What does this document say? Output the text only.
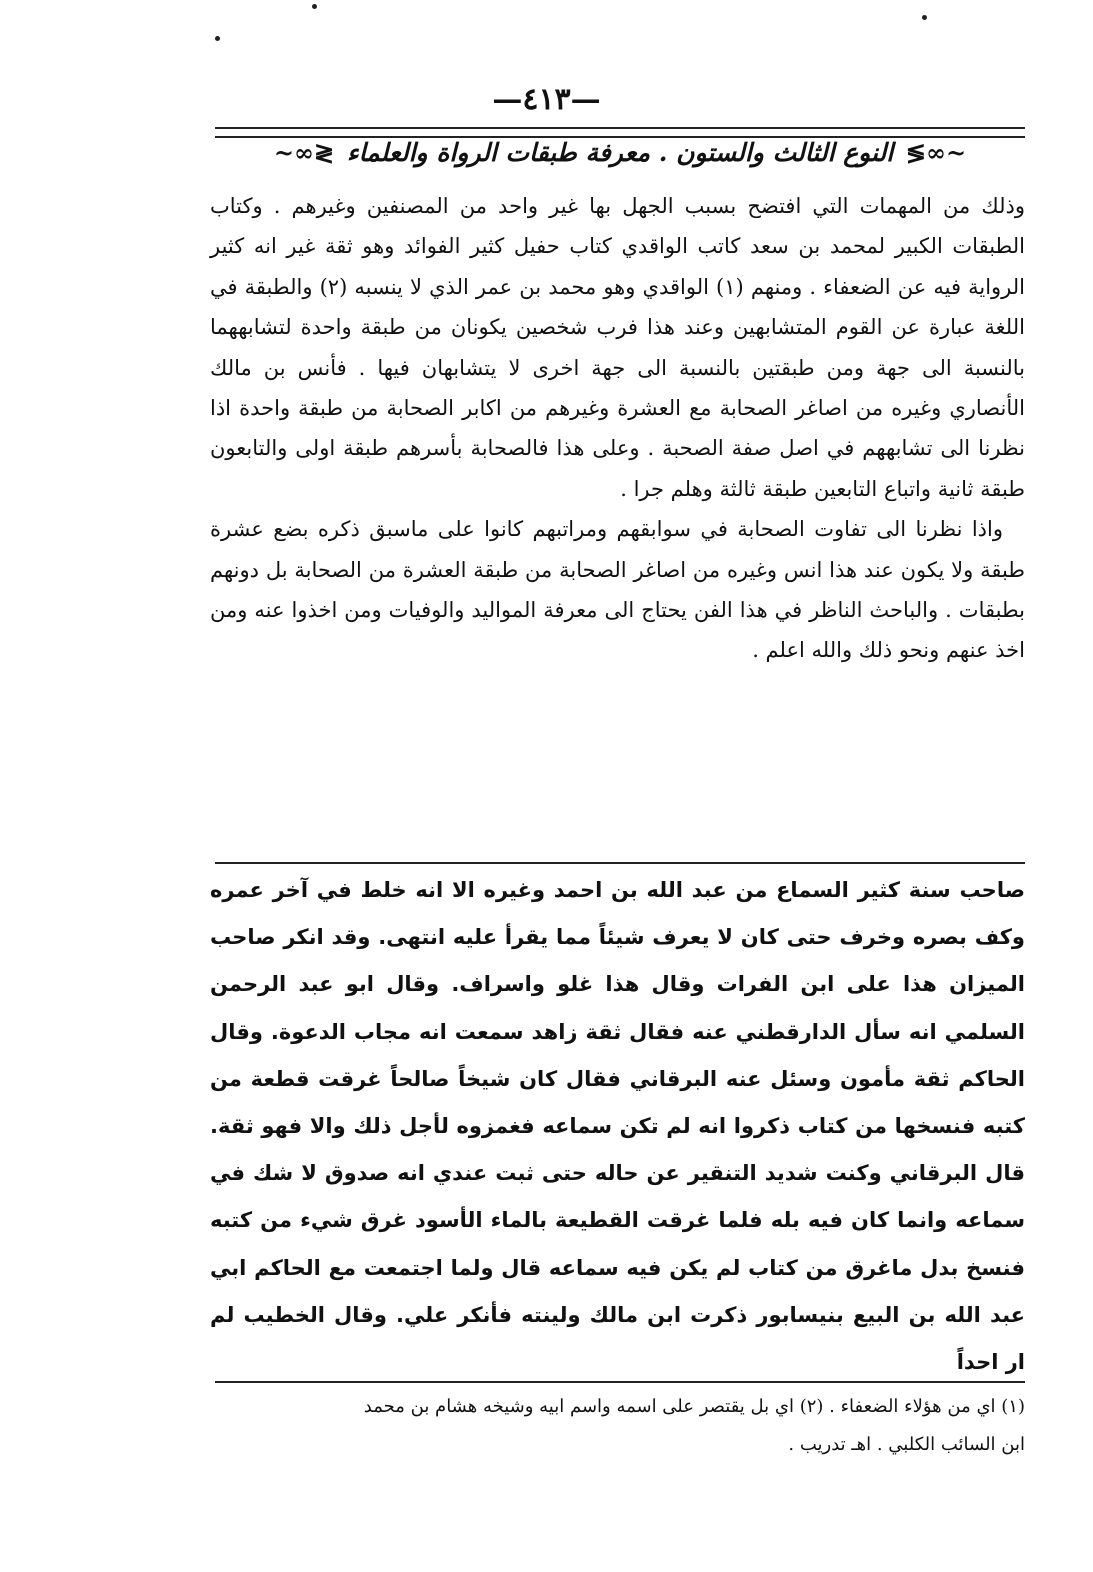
—٤١٣—
~∞≷ النوع الثالث والستون . معرفة طبقات الرواة والعلماء ≶∞~

وذلك من المهمات التي افتضح بسبب الجهل بها غير واحد من المصنفين وغيرهم . وكتاب الطبقات الكبير لمحمد بن سعد كاتب الواقدي كتاب حفيل كثير الفوائد وهو ثقة غير انه كثير الرواية فيه عن الضعفاء . ومنهم (١) الواقدي وهو محمد بن عمر الذي لا ينسبه (٢) والطبقة في اللغة عبارة عن القوم المتشابهين وعند هذا فرب شخصين يكونان من طبقة واحدة لتشابههما بالنسبة الى جهة ومن طبقتين بالنسبة الى جهة اخرى لا يتشابهان فيها . فأنس بن مالك الأنصاري وغيره من اصاغر الصحابة مع العشرة وغيرهم من اكابر الصحابة من طبقة واحدة اذا نظرنا الى تشابههم في اصل صفة الصحبة . وعلى هذا فالصحابة بأسرهم طبقة اولى والتابعون طبقة ثانية واتباع التابعين طبقة ثالثة وهلم جرا .

واذا نظرنا الى تفاوت الصحابة في سوابقهم ومراتبهم كانوا على ماسبق ذكره بضع عشرة طبقة ولا يكون عند هذا انس وغيره من اصاغر الصحابة من طبقة العشرة من الصحابة بل دونهم بطبقات . والباحث الناظر في هذا الفن يحتاج الى معرفة المواليد والوفيات ومن اخذوا عنه ومن اخذ عنهم ونحو ذلك والله اعلم .

صاحب سنة كثير السماع من عبد الله بن احمد وغيره الا انه خلط في آخر عمره وكف بصره وخرف حتى كان لا يعرف شيئاً مما يقرأ عليه انتهى. وقد انكر صاحب الميزان هذا على ابن الفرات وقال هذا غلو واسراف. وقال ابو عبد الرحمن السلمي انه سأل الدارقطني عنه فقال ثقة زاهد سمعت انه مجاب الدعوة. وقال الحاكم ثقة مأمون وسئل عنه البرقاني فقال كان شيخاً صالحاً غرقت قطعة من كتبه فنسخها من كتاب ذكروا انه لم تكن سماعه فغمزوه لأجل ذلك والا فهو ثقة. قال البرقاني وكنت شديد التنقير عن حاله حتى ثبت عندي انه صدوق لا شك في سماعه وانما كان فيه بله فلما غرقت القطيعة بالماء الأسود غرق شيء من كتبه فنسخ بدل ماغرق من كتاب لم يكن فيه سماعه قال ولما اجتمعت مع الحاكم ابي عبد الله بن البيع بنيسابور ذكرت ابن مالك ولينته فأنكر علي. وقال الخطيب لم ار احداً

(١) اي من هؤلاء الضعفاء . (٢) اي بل يقتصر على اسمه واسم ابيه وشيخه هشام بن محمد

ابن السائب الكلبي . اهـ تدريب .
